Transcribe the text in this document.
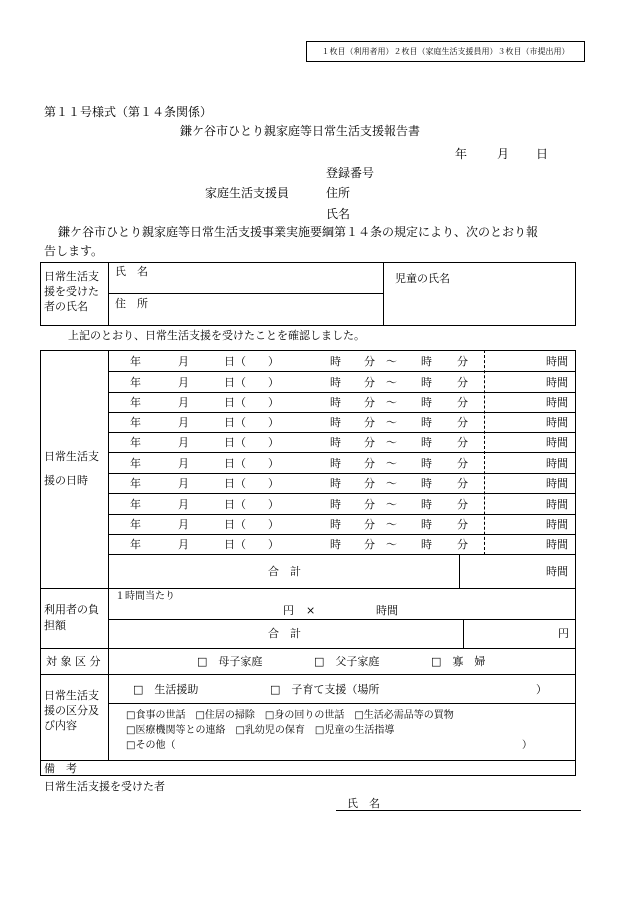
１枚目（利用者用）２枚目（家庭生活支援員用）３枚目（市提出用）
第１１号様式（第１４条関係）
鎌ケ谷市ひとり親家庭等日常生活支援報告書
年 月 日
登録番号
家庭生活支援員	住所
氏名
鎌ケ谷市ひとり親家庭等日常生活支援事業実施要綱第１４条の規定により、次のとおり報
告します。
日常生活支
援を受けた
者の氏名
氏　名
住　所
児童の氏名
上記のとおり、日常生活支援を受けたことを確認しました。
日常生活支
援の日時
年	月	日（　　）	時 分 ～ 時 分	時間
年	月	日（　　）	時 分 ～ 時 分	時間
年	月	日（　　）	時 分 ～ 時 分	時間
年	月	日（　　）	時 分 ～ 時 分	時間
年	月	日（　　）	時 分 ～ 時 分	時間
年	月	日（　　）	時 分 ～ 時 分	時間
年	月	日（　　）	時 分 ～ 時 分	時間
年	月	日（　　）	時 分 ～ 時 分	時間
年	月	日（　　）	時 分 ～ 時 分	時間
年	月	日（　　）	時 分 ～ 時 分	時間
合　計	時間
利用者の負
担額
１時間当たり
円 ×	時間
合　計	円
対 象 区 分	□　母子家庭	□　父子家庭	□　寡　婦
日常生活支
援の区分及
び内容
□　生活援助	□　子育て支援（場所	）
□食事の世話　□住居の掃除　□身の回りの世話　□生活必需品等の買物
□医療機関等との連絡　□乳幼児の保育　□児童の生活指導
□その他（	）
備　考
日常生活支援を受けた者
氏　名
